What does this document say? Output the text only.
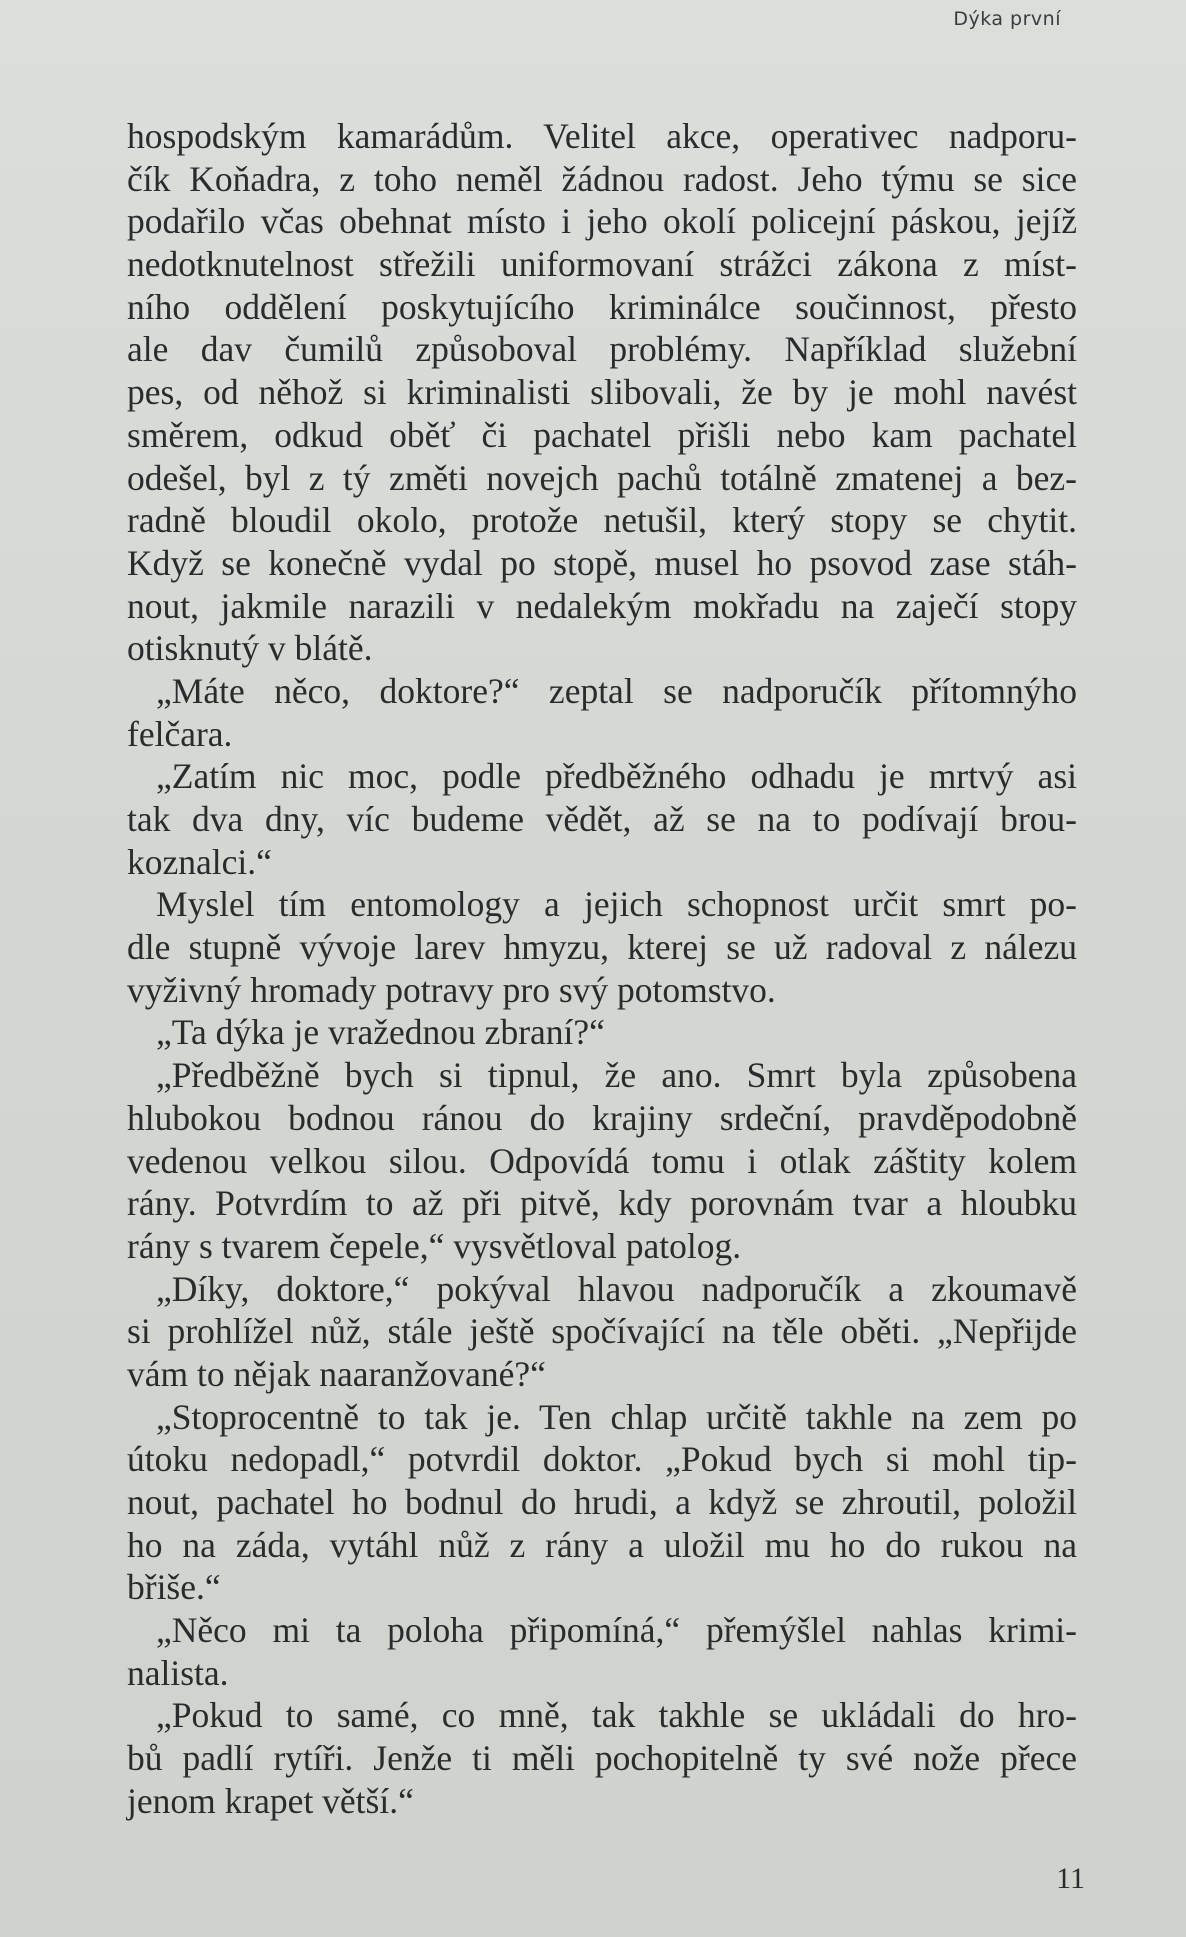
Dýka první
hospodským kamarádům. Velitel akce, operativec nadporu-
čík Koňadra, z toho neměl žádnou radost. Jeho týmu se sice
podařilo včas obehnat místo i jeho okolí policejní páskou, jejíž
nedotknutelnost střežili uniformovaní strážci zákona z míst-
ního oddělení poskytujícího kriminálce součinnost, přesto
ale dav čumilů způsoboval problémy. Například služební
pes, od něhož si kriminalisti slibovali, že by je mohl navést
směrem, odkud oběť či pachatel přišli nebo kam pachatel
odešel, byl z tý změti novejch pachů totálně zmatenej a bez-
radně bloudil okolo, protože netušil, který stopy se chytit.
Když se konečně vydal po stopě, musel ho psovod zase stáh-
nout, jakmile narazili v nedalekým mokřadu na zaječí stopy
otisknutý v blátě.
„Máte něco, doktore?“ zeptal se nadporučík přítomnýho
felčara.
„Zatím nic moc, podle předběžného odhadu je mrtvý asi
tak dva dny, víc budeme vědět, až se na to podívají brou-
koznalci.“
Myslel tím entomology a jejich schopnost určit smrt po-
dle stupně vývoje larev hmyzu, kterej se už radoval z nálezu
vyživný hromady potravy pro svý potomstvo.
„Ta dýka je vražednou zbraní?“
„Předběžně bych si tipnul, že ano. Smrt byla způsobena
hlubokou bodnou ránou do krajiny srdeční, pravděpodobně
vedenou velkou silou. Odpovídá tomu i otlak záštity kolem
rány. Potvrdím to až při pitvě, kdy porovnám tvar a hloubku
rány s tvarem čepele,“ vysvětloval patolog.
„Díky, doktore,“ pokýval hlavou nadporučík a zkoumavě
si prohlížel nůž, stále ještě spočívající na těle oběti. „Nepřijde
vám to nějak naaranžované?“
„Stoprocentně to tak je. Ten chlap určitě takhle na zem po
útoku nedopadl,“ potvrdil doktor. „Pokud bych si mohl tip-
nout, pachatel ho bodnul do hrudi, a když se zhroutil, položil
ho na záda, vytáhl nůž z rány a uložil mu ho do rukou na
břiše.“
„Něco mi ta poloha připomíná,“ přemýšlel nahlas krimi-
nalista.
„Pokud to samé, co mně, tak takhle se ukládali do hro-
bů padlí rytíři. Jenže ti měli pochopitelně ty své nože přece
jenom krapet větší.“
11
